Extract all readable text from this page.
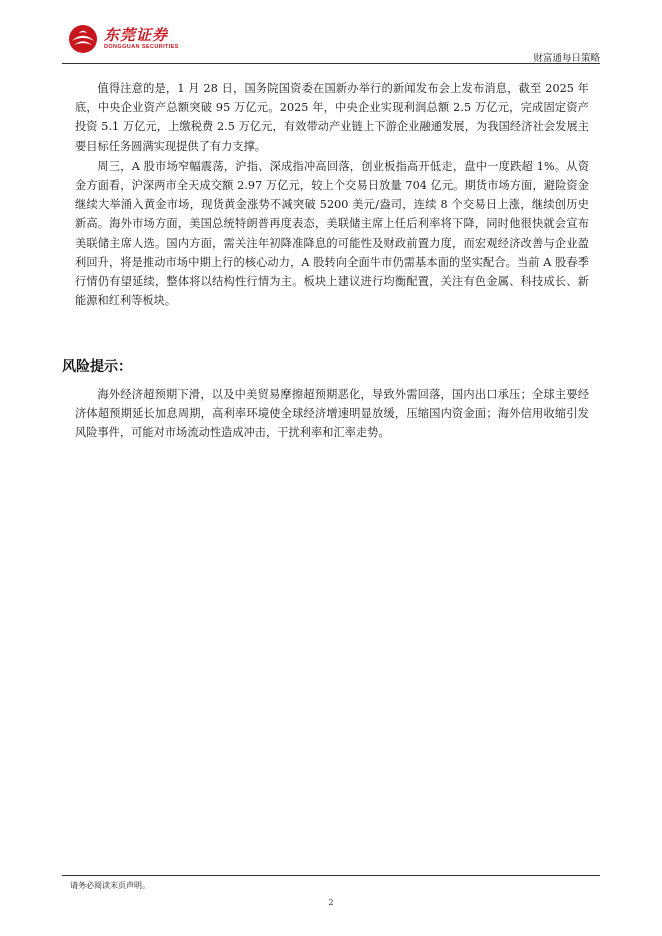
东莞证券
DONGGUAN SECURITIES
财富通每日策略

值得注意的是，1 月 28 日，国务院国资委在国新办举行的新闻发布会上发布消息，截至 2025 年底，中央企业资产总额突破 95 万亿元。2025 年，中央企业实现利润总额 2.5 万亿元，完成固定资产投资 5.1 万亿元，上缴税费 2.5 万亿元，有效带动产业链上下游企业融通发展，为我国经济社会发展主要目标任务圆满实现提供了有力支撑。

周三，A 股市场窄幅震荡，沪指、深成指冲高回落，创业板指高开低走，盘中一度跌超 1%。从资金方面看，沪深两市全天成交额 2.97 万亿元，较上个交易日放量 704 亿元。期货市场方面，避险资金继续大举涌入黄金市场，现货黄金涨势不减突破 5200 美元/盎司，连续 8 个交易日上涨，继续创历史新高。海外市场方面，美国总统特朗普再度表态，美联储主席上任后利率将下降，同时他很快就会宣布美联储主席人选。国内方面，需关注年初降准降息的可能性及财政前置力度，而宏观经济改善与企业盈利回升，将是推动市场中期上行的核心动力，A 股转向全面牛市仍需基本面的坚实配合。当前 A 股春季行情仍有望延续，整体将以结构性行情为主。板块上建议进行均衡配置，关注有色金属、科技成长、新能源和红利等板块。

风险提示：

海外经济超预期下滑，以及中美贸易摩擦超预期恶化，导致外需回落，国内出口承压；全球主要经济体超预期延长加息周期，高利率环境使全球经济增速明显放缓，压缩国内资金面；海外信用收缩引发风险事件，可能对市场流动性造成冲击，干扰利率和汇率走势。

请务必阅读末页声明。
2
